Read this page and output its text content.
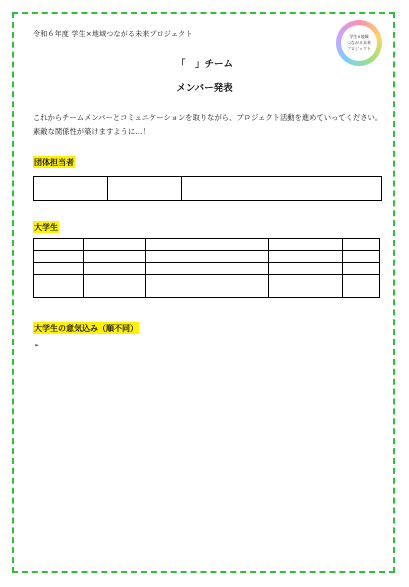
令和６年度 学生×地域つながる未来プロジェクト	学生×地域
つながる未来
プロジェクト
「　」チーム
メンバー発表
これからチームメンバーとコミュニケーションを取りながら、プロジェクト活動を進めていってください。素敵な関係性が築けますように…！
団体担当者

大学生

大学生の意気込み（順不同）
➢
